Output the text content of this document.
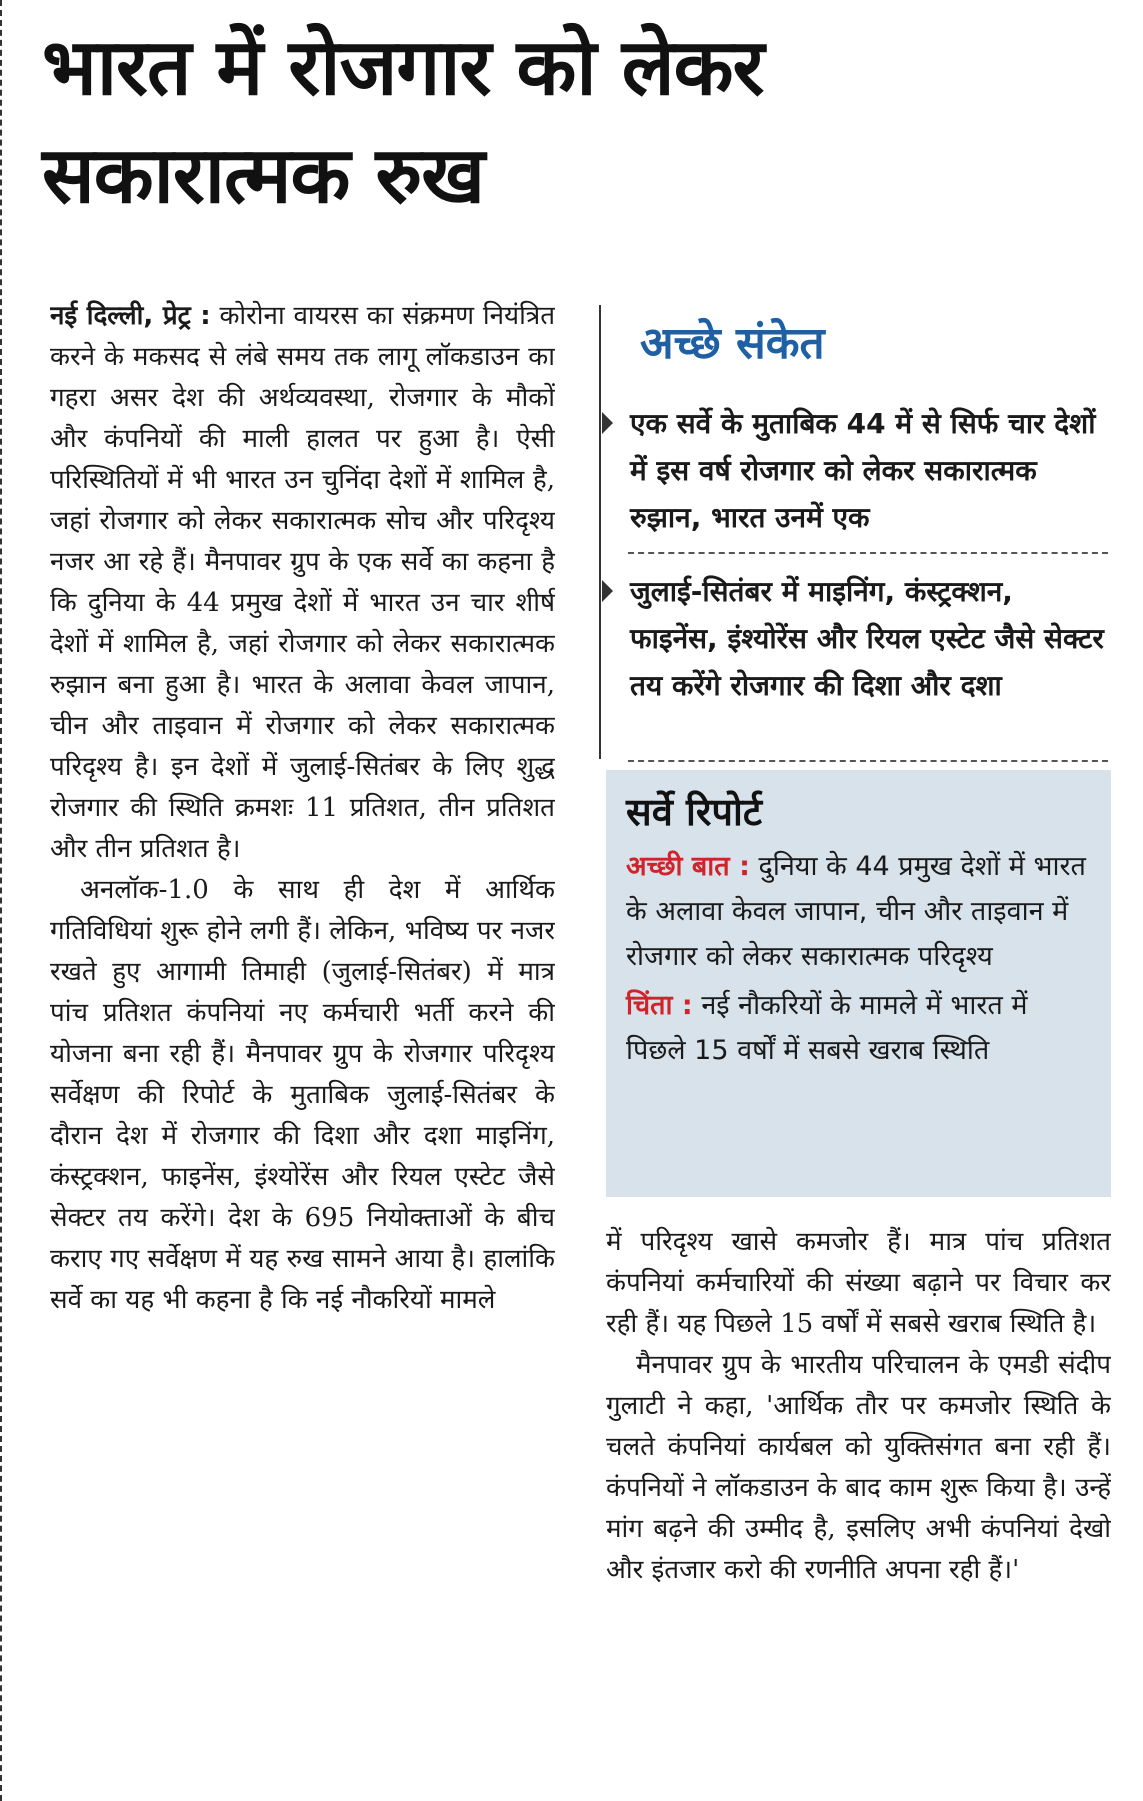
भारत में रोजगार को लेकर
सकारात्मक रुख

नई दिल्ली, प्रेट्र : कोरोना वायरस का संक्रमण नियंत्रित करने के मकसद से लंबे समय तक लागू लॉकडाउन का गहरा असर देश की अर्थव्यवस्था, रोजगार के मौकों और कंपनियों की माली हालत पर हुआ है। ऐसी परिस्थितियों में भी भारत उन चुनिंदा देशों में शामिल है, जहां रोजगार को लेकर सकारात्मक सोच और परिदृश्य नजर आ रहे हैं। मैनपावर ग्रुप के एक सर्वे का कहना है कि दुनिया के 44 प्रमुख देशों में भारत उन चार शीर्ष देशों में शामिल है, जहां रोजगार को लेकर सकारात्मक रुझान बना हुआ है। भारत के अलावा केवल जापान, चीन और ताइवान में रोजगार को लेकर सकारात्मक परिदृश्य है। इन देशों में जुलाई-सितंबर के लिए शुद्ध रोजगार की स्थिति क्रमशः 11 प्रतिशत, तीन प्रतिशत और तीन प्रतिशत है।

अनलॉक-1.0 के साथ ही देश में आर्थिक गतिविधियां शुरू होने लगी हैं। लेकिन, भविष्य पर नजर रखते हुए आगामी तिमाही (जुलाई-सितंबर) में मात्र पांच प्रतिशत कंपनियां नए कर्मचारी भर्ती करने की योजना बना रही हैं। मैनपावर ग्रुप के रोजगार परिदृश्य सर्वेक्षण की रिपोर्ट के मुताबिक जुलाई-सितंबर के दौरान देश में रोजगार की दिशा और दशा माइनिंग, कंस्ट्रक्शन, फाइनेंस, इंश्योरेंस और रियल एस्टेट जैसे सेक्टर तय करेंगे। देश के 695 नियोक्ताओं के बीच कराए गए सर्वेक्षण में यह रुख सामने आया है। हालांकि सर्वे का यह भी कहना है कि नई नौकरियों मामले

अच्छे संकेत

एक सर्वे के मुताबिक 44 में से सिर्फ चार देशों में इस वर्ष रोजगार को लेकर सकारात्मक रुझान, भारत उनमें एक

जुलाई-सितंबर में माइनिंग, कंस्ट्रक्शन, फाइनेंस, इंश्योरेंस और रियल एस्टेट जैसे सेक्टर तय करेंगे रोजगार की दिशा और दशा

सर्वे रिपोर्ट

अच्छी बात : दुनिया के 44 प्रमुख देशों में भारत के अलावा केवल जापान, चीन और ताइवान में रोजगार को लेकर सकारात्मक परिदृश्य

चिंता : नई नौकरियों के मामले में भारत में पिछले 15 वर्षों में सबसे खराब स्थिति

में परिदृश्य खासे कमजोर हैं। मात्र पांच प्रतिशत कंपनियां कर्मचारियों की संख्या बढ़ाने पर विचार कर रही हैं। यह पिछले 15 वर्षों में सबसे खराब स्थिति है।

मैनपावर ग्रुप के भारतीय परिचालन के एमडी संदीप गुलाटी ने कहा, 'आर्थिक तौर पर कमजोर स्थिति के चलते कंपनियां कार्यबल को युक्तिसंगत बना रही हैं। कंपनियों ने लॉकडाउन के बाद काम शुरू किया है। उन्हें मांग बढ़ने की उम्मीद है, इसलिए अभी कंपनियां देखो और इंतजार करो की रणनीति अपना रही हैं।'
